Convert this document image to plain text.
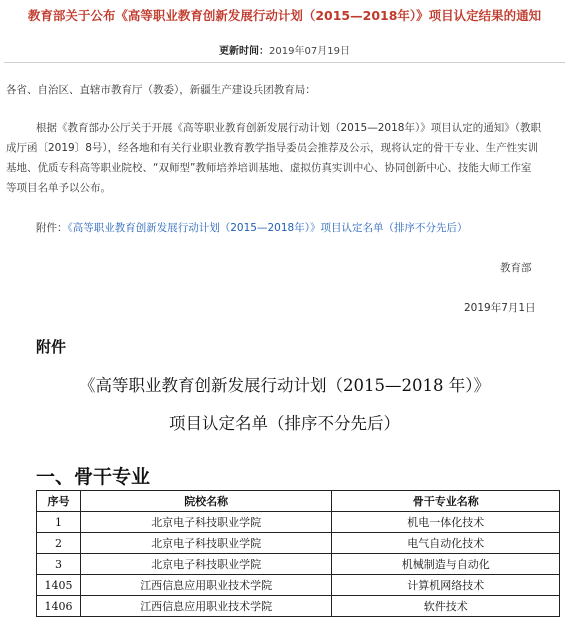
教育部关于公布《高等职业教育创新发展行动计划（2015—2018年）》项目认定结果的通知
更新时间：2019年07月19日
各省、自治区、直辖市教育厅（教委），新疆生产建设兵团教育局：
根据《教育部办公厅关于开展《高等职业教育创新发展行动计划（2015—2018年）》项目认定的通知》（教职
成厅函〔2019〕8号），经各地和有关行业职业教育教学指导委员会推荐及公示，现将认定的骨干专业、生产性实训
基地、优质专科高等职业院校、“双师型”教师培养培训基地、虚拟仿真实训中心、协同创新中心、技能大师工作室
等项目名单予以公布。
附件：《高等职业教育创新发展行动计划（2015—2018年）》项目认定名单（排序不分先后）
教育部
2019年7月1日
附件
《高等职业教育创新发展行动计划（2015—2018 年）》
项目认定名单（排序不分先后）
一、骨干专业
序号	院校名称	骨干专业名称
1	北京电子科技职业学院	机电一体化技术
2	北京电子科技职业学院	电气自动化技术
3	北京电子科技职业学院	机械制造与自动化
1405	江西信息应用职业技术学院	计算机网络技术
1406	江西信息应用职业技术学院	软件技术
